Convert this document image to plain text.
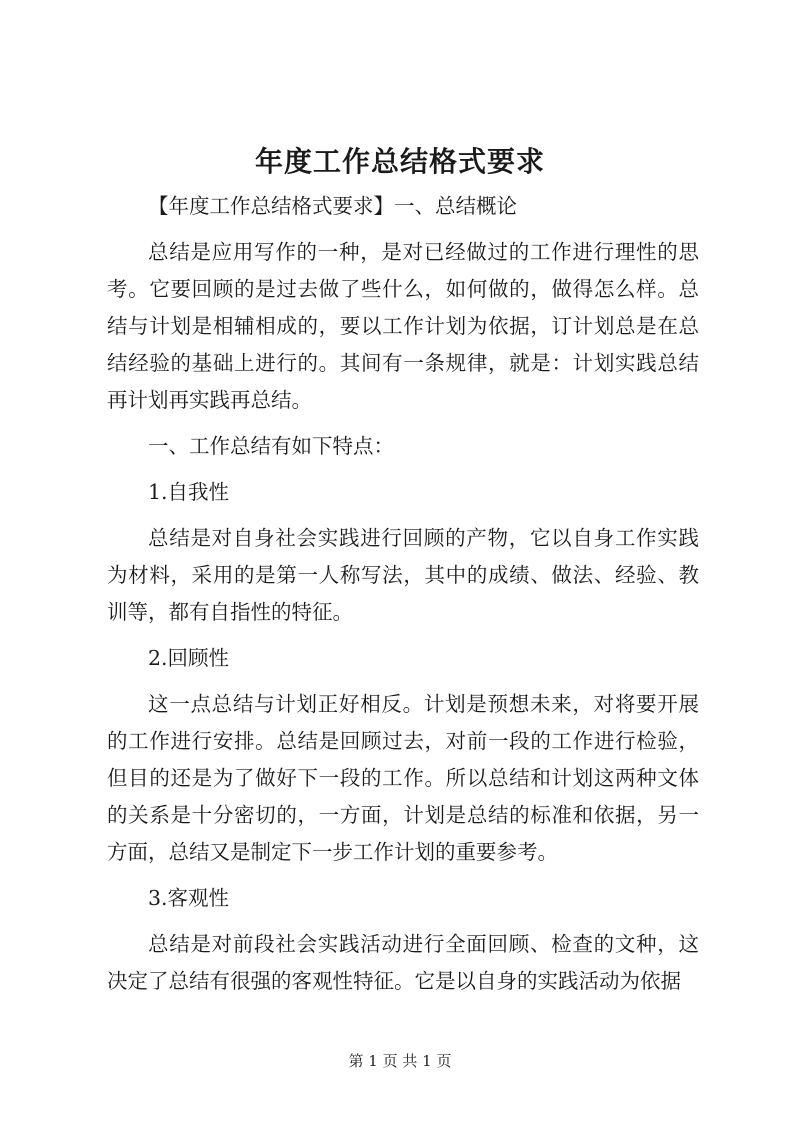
年度工作总结格式要求

【年度工作总结格式要求】一、总结概论

总结是应用写作的一种，是对已经做过的工作进行理性的思考。它要回顾的是过去做了些什么，如何做的，做得怎么样。总结与计划是相辅相成的，要以工作计划为依据，订计划总是在总结经验的基础上进行的。其间有一条规律，就是：计划实践总结再计划再实践再总结。

一、工作总结有如下特点：

1.自我性

总结是对自身社会实践进行回顾的产物，它以自身工作实践为材料，采用的是第一人称写法，其中的成绩、做法、经验、教训等，都有自指性的特征。

2.回顾性

这一点总结与计划正好相反。计划是预想未来，对将要开展的工作进行安排。总结是回顾过去，对前一段的工作进行检验，但目的还是为了做好下一段的工作。所以总结和计划这两种文体的关系是十分密切的，一方面，计划是总结的标准和依据，另一方面，总结又是制定下一步工作计划的重要参考。

3.客观性

总结是对前段社会实践活动进行全面回顾、检查的文种，这决定了总结有很强的客观性特征。它是以自身的实践活动为依据

第 1 页 共 1 页
